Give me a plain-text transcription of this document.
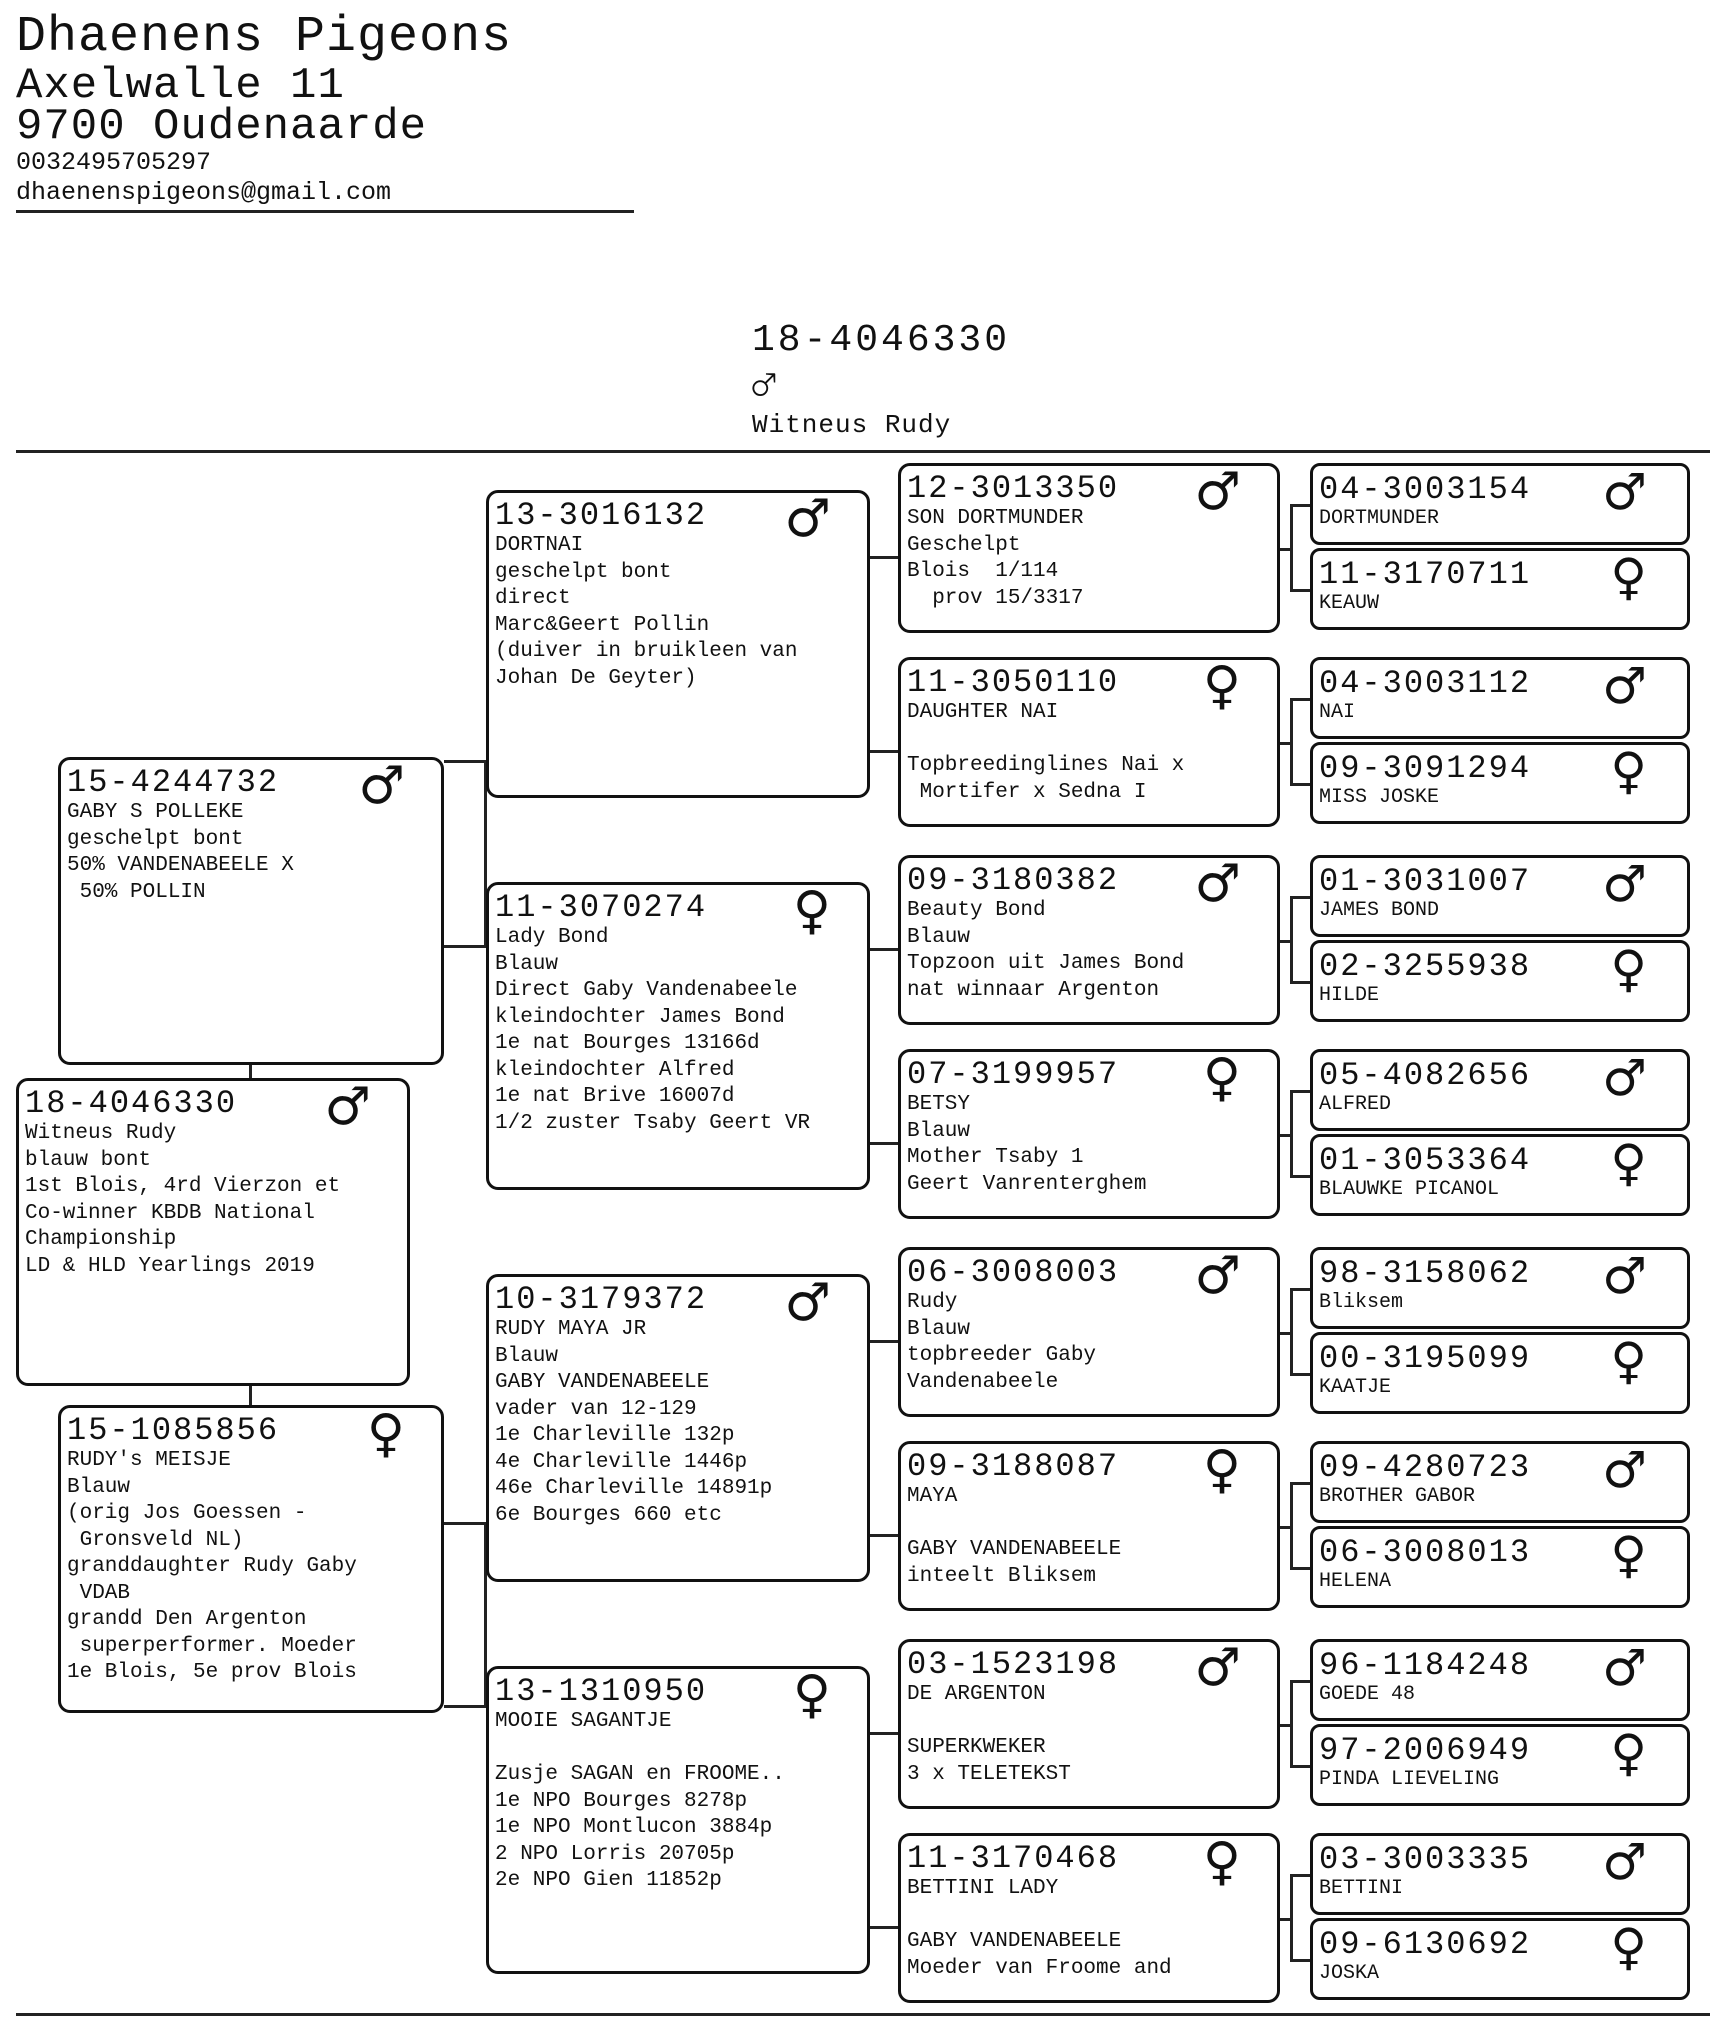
Dhaenens Pigeons
Axelwalle 11
9700 Oudenaarde
0032495705297
dhaenenspigeons@gmail.com
18-4046330
♂
Witneus Rudy
18-4046330 ♂
Witneus Rudy
blauw bont
1st Blois, 4rd Vierzon et
Co-winner KBDB National
Championship
LD & HLD Yearlings 2019
15-4244732 ♂
GABY S POLLEKE
geschelpt bont
50% VANDENABEELE X
50% POLLIN
15-1085856 ♀
RUDY's MEISJE
Blauw
(orig Jos Goessen -
Gronsveld NL)
granddaughter Rudy Gaby
VDAB
grandd Den Argenton
superperformer. Moeder
1e Blois, 5e prov Blois
13-3016132 ♂
DORTNAI
geschelpt bont
direct
Marc&Geert Pollin
(duiver in bruikleen van
Johan De Geyter)
11-3070274 ♀
Lady Bond
Blauw
Direct Gaby Vandenabeele
kleindochter James Bond
1e nat Bourges 13166d
kleindochter Alfred
1e nat Brive 16007d
1/2 zuster Tsaby Geert VR
10-3179372 ♂
RUDY MAYA JR
Blauw
GABY VANDENABEELE
vader van 12-129
1e Charleville 132p
4e Charleville 1446p
46e Charleville 14891p
6e Bourges 660 etc
13-1310950 ♀
MOOIE SAGANTJE

Zusje SAGAN en FROOME..
1e NPO Bourges 8278p
1e NPO Montlucon 3884p
2 NPO Lorris 20705p
2e NPO Gien 11852p
12-3013350 ♂
SON DORTMUNDER
Geschelpt
Blois  1/114
prov 15/3317
11-3050110 ♀
DAUGHTER NAI

Topbreedinglines Nai x
Mortifer x Sedna I
09-3180382 ♂
Beauty Bond
Blauw
Topzoon uit James Bond
nat winnaar Argenton
07-3199957 ♀
BETSY
Blauw
Mother Tsaby 1
Geert Vanrenterghem
06-3008003 ♂
Rudy
Blauw
topbreeder Gaby
Vandenabeele
09-3188087 ♀
MAYA

GABY VANDENABEELE
inteelt Bliksem
03-1523198 ♂
DE ARGENTON

SUPERKWEKER
3 x TELETEKST
11-3170468 ♀
BETTINI LADY

GABY VANDENABEELE
Moeder van Froome and
04-3003154 ♂
DORTMUNDER
11-3170711 ♀
KEAUW
04-3003112 ♂
NAI
09-3091294 ♀
MISS JOSKE
01-3031007 ♂
JAMES BOND
02-3255938 ♀
HILDE
05-4082656 ♂
ALFRED
01-3053364 ♀
BLAUWKE PICANOL
98-3158062 ♂
Bliksem
00-3195099 ♀
KAATJE
09-4280723 ♂
BROTHER GABOR
06-3008013 ♀
HELENA
96-1184248 ♂
GOEDE 48
97-2006949 ♀
PINDA LIEVELING
03-3003335 ♂
BETTINI
09-6130692 ♀
JOSKA
